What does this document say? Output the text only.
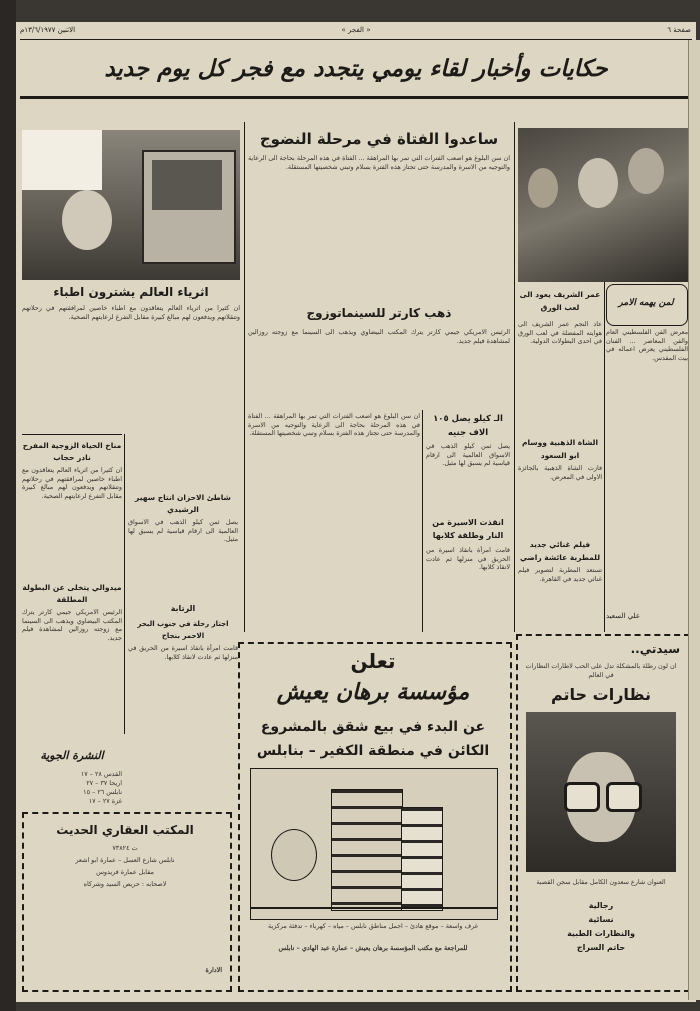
صفحة ٦
« الفجر »
الاثنين ١٣/٦/١٩٧٧م
حكايات وأخبار لقاء يومي يتجدد مع فجر كل يوم جديد
اثرياء العالم يشترون اطباء
ان كثيرا من اثرياء العالم يتعاقدون مع اطباء خاصين لمرافقتهم في رحلاتهم وتنقلاتهم ويدفعون لهم مبالغ كبيرة مقابل التفرغ لرعايتهم الصحية.
ساعدوا الفتاة في مرحلة النضوج
ان سن البلوغ هو اصعب الفترات التي تمر بها المراهقة ... الفتاة في هذه المرحلة بحاجة الى الرعاية والتوجيه من الاسرة والمدرسة حتى تجتاز هذه الفترة بسلام وتبني شخصيتها المستقلة.
ذهب كارتر للسينماتوزوج
الرئيس الامريكي جيمي كارتر يترك المكتب البيضاوي ويذهب الى السينما مع زوجته روزالين لمشاهدة فيلم جديد.
الـ كيلو يصل ١٠٥ الاف جنيه
يصل ثمن كيلو الذهب في الاسواق العالمية الى ارقام قياسية لم يسبق لها مثيل.
انقذت الاسيرة من النار وطلقة كلابها
قامت امرأة بانقاذ اسيرة من الحريق في منزلها ثم عادت لانقاذ كلابها.
ان سن البلوغ هو اصعب الفترات التي تمر بها المراهقة ... الفتاة في هذه المرحلة بحاجة الى الرعاية والتوجيه من الاسرة والمدرسة حتى تجتاز هذه الفترة بسلام وتبني شخصيتها المستقلة.
عمر الشريف يعود الى لعب الورق
عاد النجم عمر الشريف الى هوايته المفضلة في لعب الورق في احدى البطولات الدولية.
الشاة الذهبية ووسام ابو السعود
فازت الشاة الذهبية بالجائزة الاولى في المعرض.
فيلم غنائي جديد للمطربة عائشة راضي
تستعد المطربة لتصوير فيلم غنائي جديد في القاهرة.
لمن يهمه الامر
معرض الفن الفلسطيني العام والفن المعاصر ... الفنان الفلسطيني يعرض اعماله في بيت المقدس.
علي السعيد
مناخ الحياة الزوجية المفرح نادر حجاب
ان كثيرا من اثرياء العالم يتعاقدون مع اطباء خاصين لمرافقتهم في رحلاتهم وتنقلاتهم ويدفعون لهم مبالغ كبيرة مقابل التفرغ لرعايتهم الصحية.
ميدوالي يتخلى عن البطولة المطلقة
الرئيس الامريكي جيمي كارتر يترك المكتب البيضاوي ويذهب الى السينما مع زوجته روزالين لمشاهدة فيلم جديد.
شاطئ الاحزان انتاج سهير الرشيدي
يصل ثمن كيلو الذهب في الاسواق العالمية الى ارقام قياسية لم يسبق لها مثيل.
الرتابة
اجتاز رحلة في جنوب البحر الاحمر بنجاح
قامت امرأة بانقاذ اسيرة من الحريق في منزلها ثم عادت لانقاذ كلابها.
النشرة الجوية
القدس ٢٨ – ١٧
اريحا ٣٧ – ٢٧
نابلس ٢٦ – ١٥
غزة ٢٧ – ١٧
المكتب العقاري الحديث
ت ٧٣٨٢٤
نابلس شارع العسل – عمارة ابو اشعر
مقابل عمارة فريدوس
لاصحابه : حريص السيد وشركاه
الادارة
تعلن
مؤسسة برهان يعيش
عن البدء في بيع شقق بالمشروع
الكائن في منطقة الكفير – بنابلس
غرف واسعة – موقع هادئ – اجمل مناطق نابلس – مياه – كهرباء – تدفئة مركزية
للمراجعة مع مكتب المؤسسة برهان يعيش – عمارة عبد الهادي – نابلس
سيدتي..
ان لون رطلة بالمشكلة تدل على الحب لاطارات النظارات في العالم
نظارات حاتم
العنوان شارع سعدون الكامل مقابل سجن القصبة
رجالية
نسائية
والنظارات الطبية
حاتم السراج
